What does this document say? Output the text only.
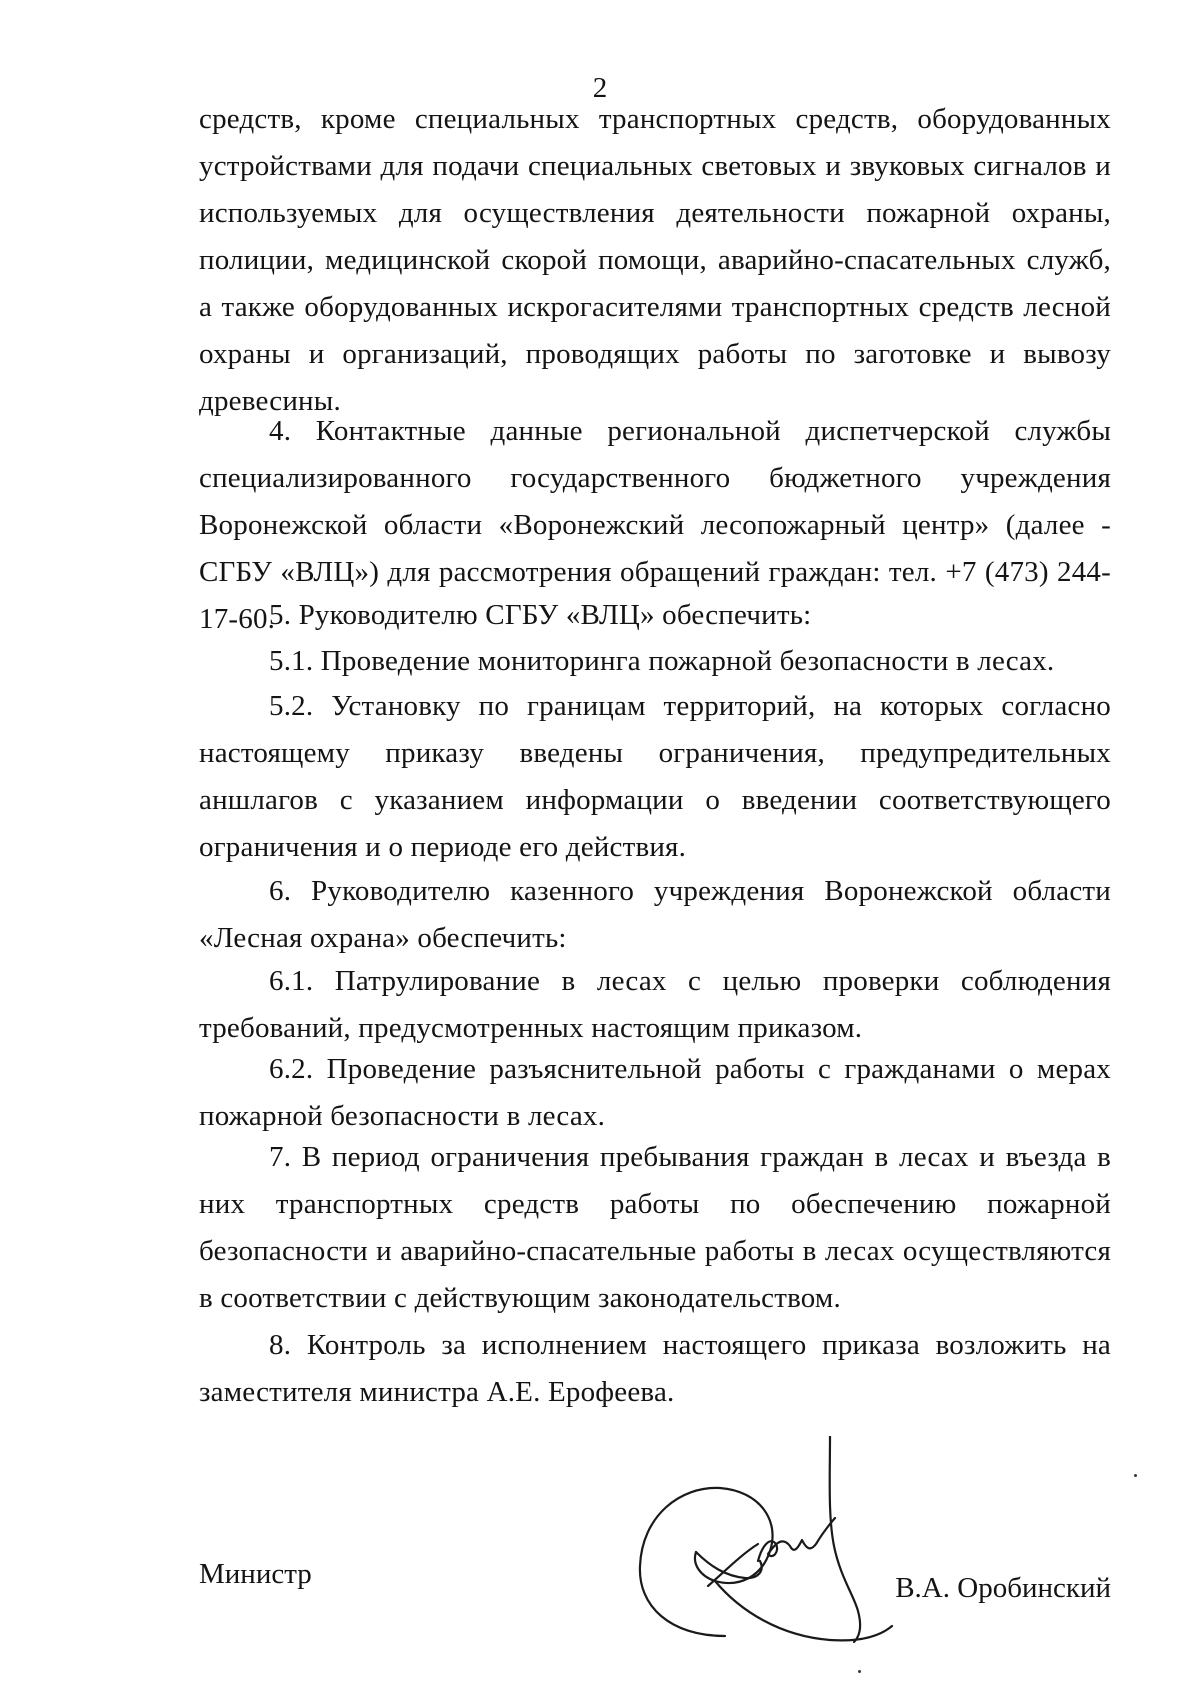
2

средств, кроме специальных транспортных средств, оборудованных устройствами для подачи специальных световых и звуковых сигналов и используемых для осуществления деятельности пожарной охраны, полиции, медицинской скорой помощи, аварийно-спасательных служб, а также оборудованных искрогасителями транспортных средств лесной охраны и организаций, проводящих работы по заготовке и вывозу древесины.

4. Контактные данные региональной диспетчерской службы специализированного государственного бюджетного учреждения Воронежской области «Воронежский лесопожарный центр» (далее - СГБУ «ВЛЦ») для рассмотрения обращений граждан: тел. +7 (473) 244-17-60.

5. Руководителю СГБУ «ВЛЦ» обеспечить:

5.1. Проведение мониторинга пожарной безопасности в лесах.

5.2. Установку по границам территорий, на которых согласно настоящему приказу введены ограничения, предупредительных аншлагов с указанием информации о введении соответствующего ограничения и о периоде его действия.

6. Руководителю казенного учреждения Воронежской области «Лесная охрана» обеспечить:

6.1. Патрулирование в лесах с целью проверки соблюдения требований, предусмотренных настоящим приказом.

6.2. Проведение разъяснительной работы с гражданами о мерах пожарной безопасности в лесах.

7. В период ограничения пребывания граждан в лесах и въезда в них транспортных средств работы по обеспечению пожарной безопасности и аварийно-спасательные работы в лесах осуществляются в соответствии с действующим законодательством.

8. Контроль за исполнением настоящего приказа возложить на заместителя министра А.Е. Ерофеева.

Министр	В.А. Оробинский
